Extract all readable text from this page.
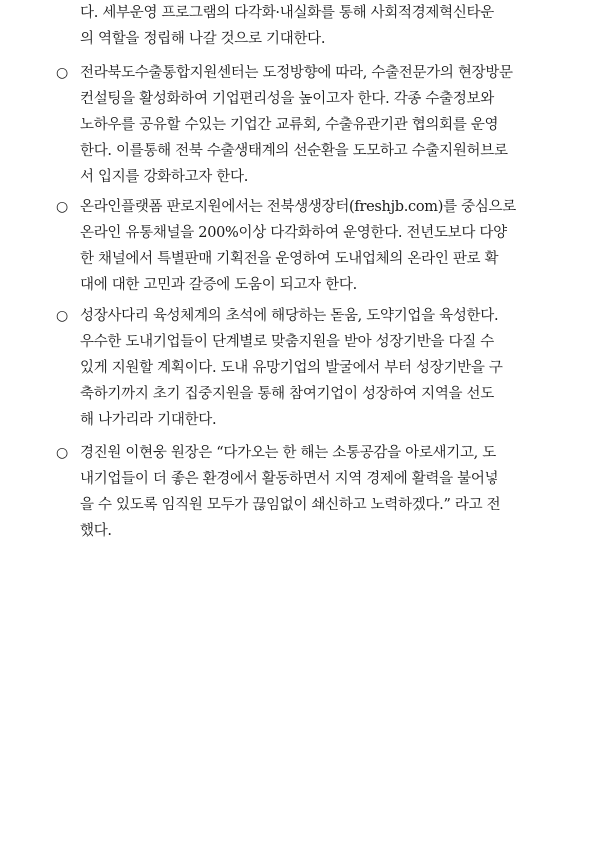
다. 세부운영 프로그램의 다각화·내실화를 통해 사회적경제혁신타운
의 역할을 정립해 나갈 것으로 기대한다.
○ 전라북도수출통합지원센터는 도정방향에 따라, 수출전문가의 현장방문
컨설팅을 활성화하여 기업편리성을 높이고자 한다. 각종 수출정보와
노하우를 공유할 수있는 기업간 교류회, 수출유관기관 협의회를 운영
한다. 이를통해 전북 수출생태계의 선순환을 도모하고 수출지원허브로
서 입지를 강화하고자 한다.
○ 온라인플랫폼 판로지원에서는 전북생생장터(freshjb.com)를 중심으로
온라인 유통채널을 200%이상 다각화하여 운영한다. 전년도보다 다양
한 채널에서 특별판매 기획전을 운영하여 도내업체의 온라인 판로 확
대에 대한 고민과 갈증에 도움이 되고자 한다.
○ 성장사다리 육성체계의 초석에 해당하는 돋움, 도약기업을 육성한다.
우수한 도내기업들이 단계별로 맞춤지원을 받아 성장기반을 다질 수
있게 지원할 계획이다. 도내 유망기업의 발굴에서 부터 성장기반을 구
축하기까지 초기 집중지원을 통해 참여기업이 성장하여 지역을 선도
해 나가리라 기대한다.
○ 경진원 이현웅 원장은 “다가오는 한 해는 소통공감을 아로새기고, 도
내기업들이 더 좋은 환경에서 활동하면서 지역 경제에 활력을 불어넣
을 수 있도록 임직원 모두가 끊임없이 쇄신하고 노력하겠다.” 라고 전
했다.
